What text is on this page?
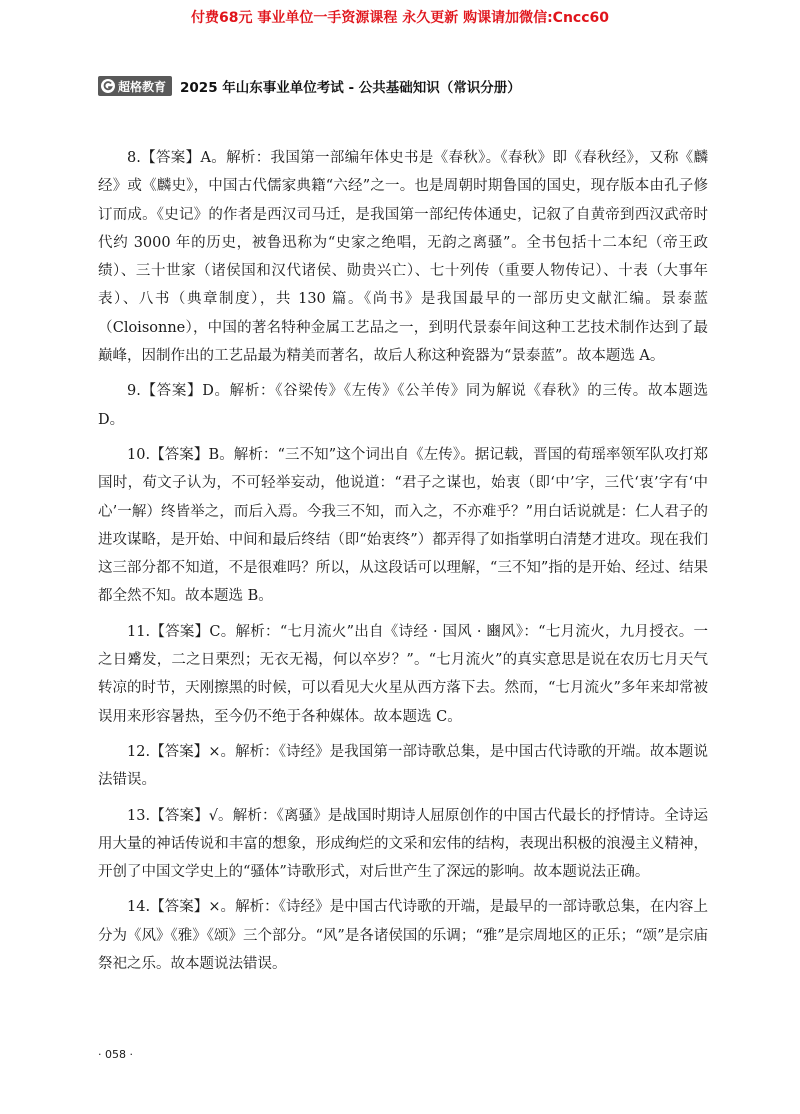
付费68元 事业单位一手资源课程 永久更新 购课请加微信:Cncc60
超格教育 2025 年山东事业单位考试 - 公共基础知识（常识分册）

8.【答案】A。解析：我国第一部编年体史书是《春秋》。《春秋》即《春秋经》，又称《麟经》或《麟史》，中国古代儒家典籍“六经”之一。也是周朝时期鲁国的国史，现存版本由孔子修订而成。《史记》的作者是西汉司马迁，是我国第一部纪传体通史，记叙了自黄帝到西汉武帝时代约 3000 年的历史，被鲁迅称为“史家之绝唱，无韵之离骚”。全书包括十二本纪（帝王政绩）、三十世家（诸侯国和汉代诸侯、勋贵兴亡）、七十列传（重要人物传记）、十表（大事年表）、八书（典章制度），共 130 篇。《尚书》是我国最早的一部历史文献汇编。景泰蓝（Cloisonne），中国的著名特种金属工艺品之一，到明代景泰年间这种工艺技术制作达到了最巅峰，因制作出的工艺品最为精美而著名，故后人称这种瓷器为“景泰蓝”。故本题选 A。

9.【答案】D。解析：《谷梁传》《左传》《公羊传》同为解说《春秋》的三传。故本题选 D。

10.【答案】B。解析：“三不知”这个词出自《左传》。据记载，晋国的荀瑶率领军队攻打郑国时，荀文子认为，不可轻举妄动，他说道：“君子之谋也，始衷（即‘中’字，三代‘衷’字有‘中心’一解）终皆举之，而后入焉。今我三不知，而入之，不亦难乎？”用白话说就是：仁人君子的进攻谋略，是开始、中间和最后终结（即“始衷终”）都弄得了如指掌明白清楚才进攻。现在我们这三部分都不知道，不是很难吗？所以，从这段话可以理解，“三不知”指的是开始、经过、结果都全然不知。故本题选 B。

11.【答案】C。解析：“七月流火”出自《诗经 · 国风 · 豳风》：“七月流火，九月授衣。一之日觱发，二之日栗烈；无衣无褐，何以卒岁？”。“七月流火”的真实意思是说在农历七月天气转凉的时节，天刚擦黑的时候，可以看见大火星从西方落下去。然而，“七月流火”多年来却常被误用来形容暑热，至今仍不绝于各种媒体。故本题选 C。

12.【答案】×。解析：《诗经》是我国第一部诗歌总集，是中国古代诗歌的开端。故本题说法错误。

13.【答案】√。解析：《离骚》是战国时期诗人屈原创作的中国古代最长的抒情诗。全诗运用大量的神话传说和丰富的想象，形成绚烂的文采和宏伟的结构，表现出积极的浪漫主义精神，开创了中国文学史上的“骚体”诗歌形式，对后世产生了深远的影响。故本题说法正确。

14.【答案】×。解析：《诗经》是中国古代诗歌的开端，是最早的一部诗歌总集，在内容上分为《风》《雅》《颂》三个部分。“风”是各诸侯国的乐调；“雅”是宗周地区的正乐；“颂”是宗庙祭祀之乐。故本题说法错误。

· 058 ·
